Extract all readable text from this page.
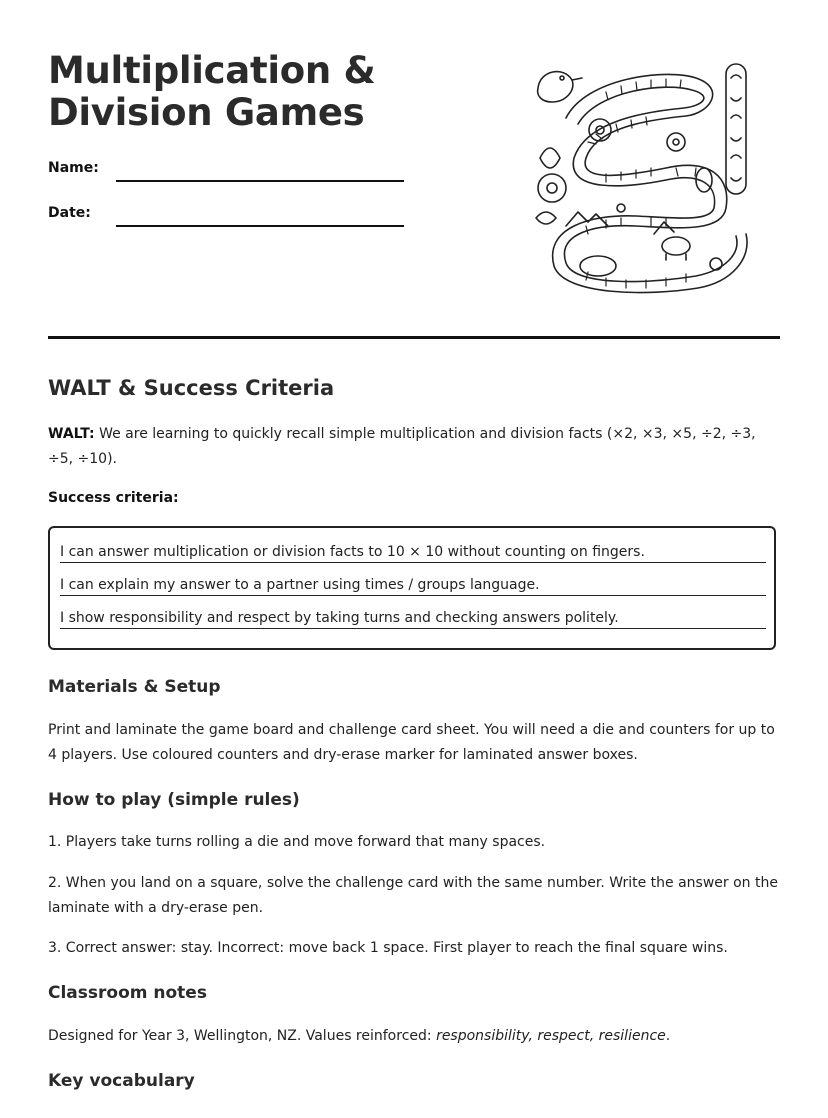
Multiplication &
Division Games
Name:
Date:
WALT & Success Criteria

WALT: We are learning to quickly recall simple multiplication and division facts (×2, ×3, ×5, ÷2, ÷3, ÷5, ÷10).

Success criteria:

I can answer multiplication or division facts to 10 × 10 without counting on fingers.
I can explain my answer to a partner using times / groups language.
I show responsibility and respect by taking turns and checking answers politely.
Materials & Setup

Print and laminate the game board and challenge card sheet. You will need a die and counters for up to 4 players. Use coloured counters and dry-erase marker for laminated answer boxes.

How to play (simple rules)

1. Players take turns rolling a die and move forward that many spaces.

2. When you land on a square, solve the challenge card with the same number. Write the answer on the laminate with a dry-erase pen.

3. Correct answer: stay. Incorrect: move back 1 space. First player to reach the final square wins.

Classroom notes

Designed for Year 3, Wellington, NZ. Values reinforced: responsibility, respect, resilience.

Key vocabulary
